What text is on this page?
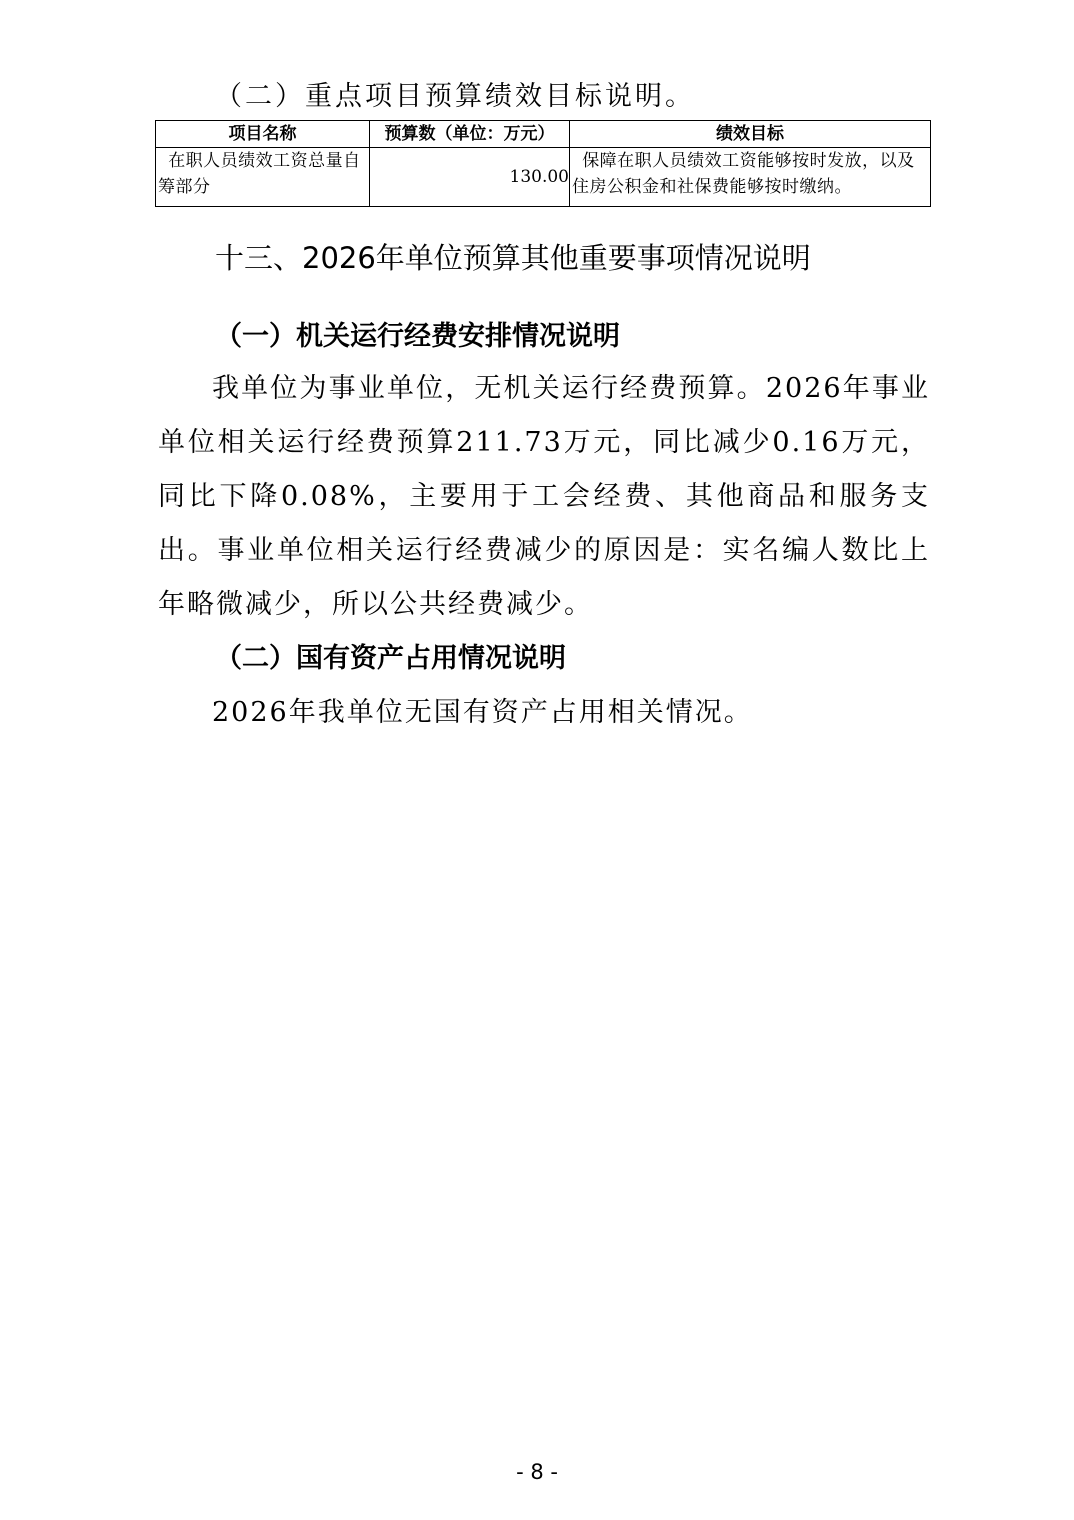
（二）重点项目预算绩效目标说明。
项目名称	预算数（单位：万元）	绩效目标
在职人员绩效工资总量自筹部分	130.00	保障在职人员绩效工资能够按时发放，以及住房公积金和社保费能够按时缴纳。
十三、2026年单位预算其他重要事项情况说明
（一）机关运行经费安排情况说明
我单位为事业单位，无机关运行经费预算。2026年事业单位相关运行经费预算211.73万元，同比减少0.16万元，同比下降0.08%，主要用于工会经费、其他商品和服务支出。事业单位相关运行经费减少的原因是：实名编人数比上年略微减少，所以公共经费减少。
（二）国有资产占用情况说明
2026年我单位无国有资产占用相关情况。
- 8 -
